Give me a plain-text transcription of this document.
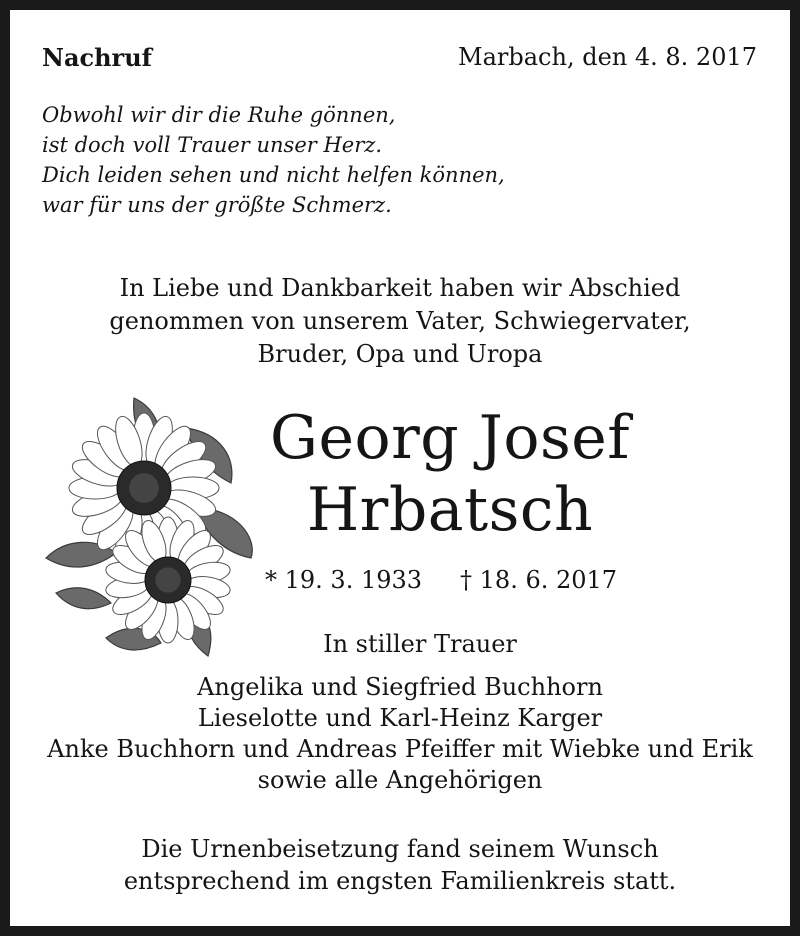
Nachruf	Marbach, den 4. 8. 2017
Obwohl wir dir die Ruhe gönnen,
ist doch voll Trauer unser Herz.
Dich leiden sehen und nicht helfen können,
war für uns der größte Schmerz.
In Liebe und Dankbarkeit haben wir Abschied
genommen von unserem Vater, Schwiegervater,
Bruder, Opa und Uropa
Georg Josef
Hrbatsch
* 19. 3. 1933 † 18. 6. 2017
In stiller Trauer
Angelika und Siegfried Buchhorn
Lieselotte und Karl-Heinz Karger
Anke Buchhorn und Andreas Pfeiffer mit Wiebke und Erik
sowie alle Angehörigen
Die Urnenbeisetzung fand seinem Wunsch
entsprechend im engsten Familienkreis statt.
